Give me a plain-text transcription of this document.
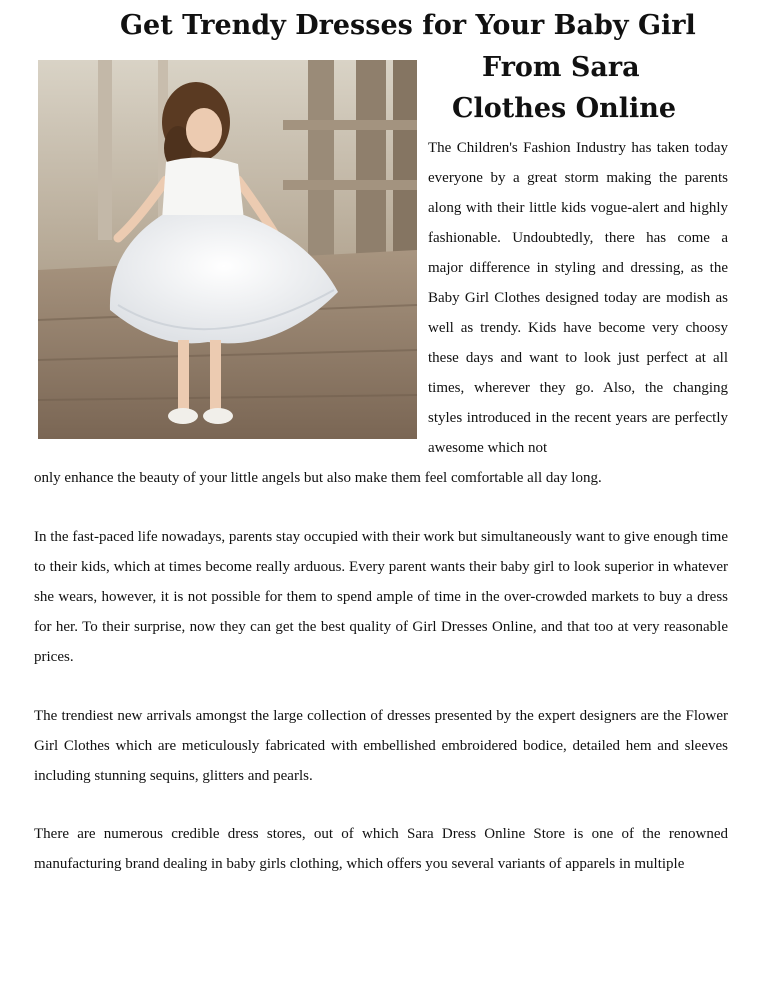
Get Trendy Dresses for Your Baby Girl
From Sara
Clothes Online

The Children's Fashion Industry has taken today everyone by a great storm making the parents along with their little kids vogue-alert and highly fashionable. Undoubtedly, there has come a major difference in styling and dressing, as the Baby Girl Clothes designed today are modish as well as trendy. Kids have become very choosy these days and want to look just perfect at all times, wherever they go. Also, the changing styles introduced in the recent years are perfectly awesome which not

only enhance the beauty of your little angels but also make them feel comfortable all day long.

In the fast-paced life nowadays, parents stay occupied with their work but simultaneously want to give enough time to their kids, which at times become really arduous. Every parent wants their baby girl to look superior in whatever she wears, however, it is not possible for them to spend ample of time in the over-crowded markets to buy a dress for her. To their surprise, now they can get the best quality of Girl Dresses Online, and that too at very reasonable prices.

The trendiest new arrivals amongst the large collection of dresses presented by the expert designers are the Flower Girl Clothes which are meticulously fabricated with embellished embroidered bodice, detailed hem and sleeves including stunning sequins, glitters and pearls.

There are numerous credible dress stores, out of which Sara Dress Online Store is one of the renowned manufacturing brand dealing in baby girls clothing, which offers you several variants of apparels in multiple
